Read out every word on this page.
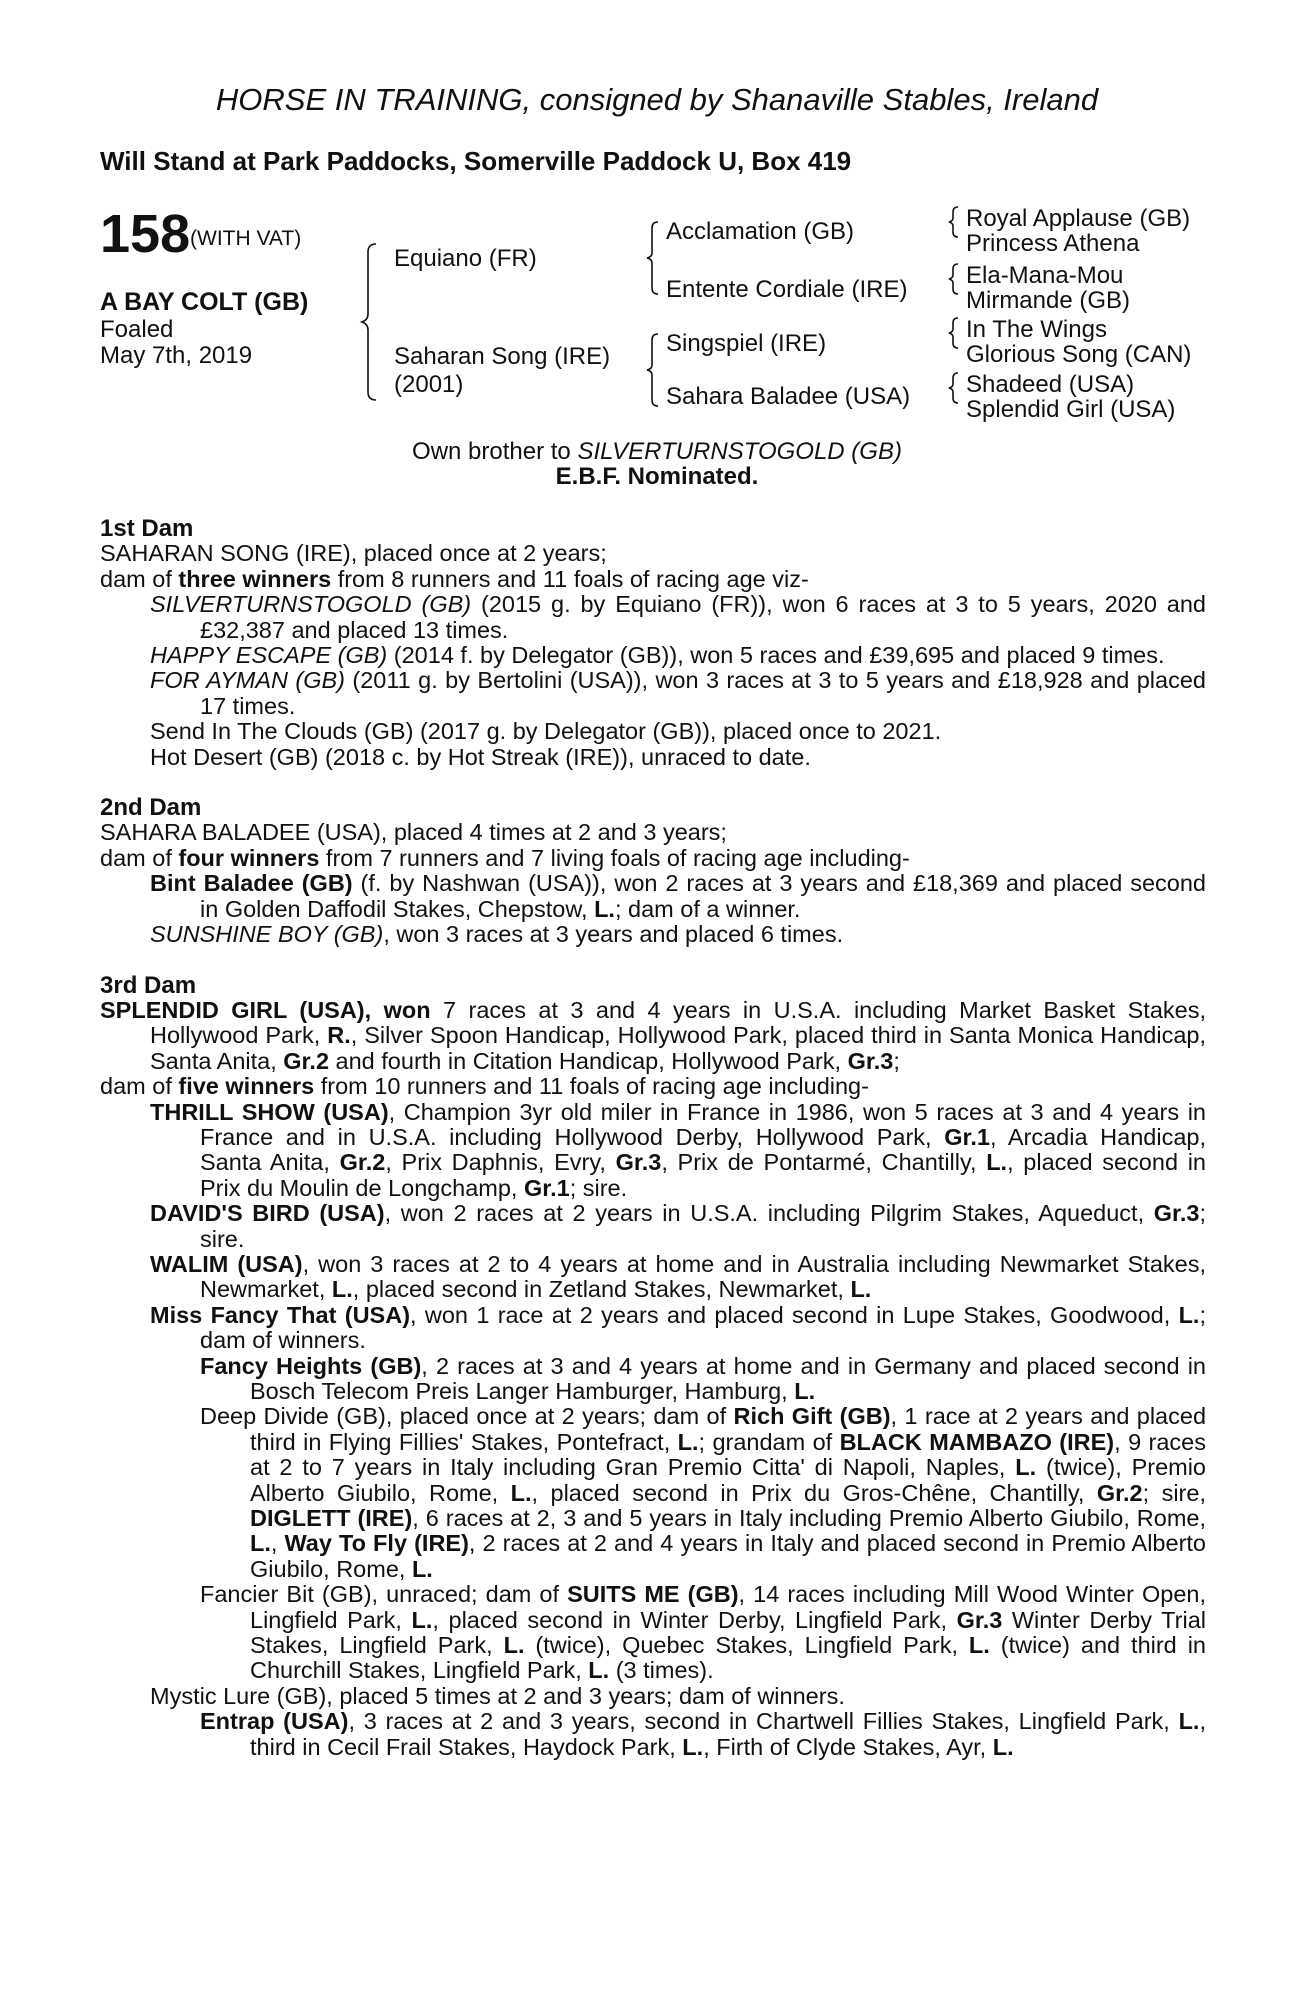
HORSE IN TRAINING, consigned by Shanaville Stables, Ireland
Will Stand at Park Paddocks, Somerville Paddock U, Box 419
158 (WITH VAT)
A BAY COLT (GB)
Foaled
May 7th, 2019
Equiano (FR)
Saharan Song (IRE)
(2001)
Acclamation (GB)
Entente Cordiale (IRE)
Singspiel (IRE)
Sahara Baladee (USA)
Royal Applause (GB)
Princess Athena
Ela-Mana-Mou
Mirmande (GB)
In The Wings
Glorious Song (CAN)
Shadeed (USA)
Splendid Girl (USA)
Own brother to SILVERTURNSTOGOLD (GB)
E.B.F. Nominated.
1st Dam

SAHARAN SONG (IRE), placed once at 2 years;

dam of three winners from 8 runners and 11 foals of racing age viz-

SILVERTURNSTOGOLD (GB) (2015 g. by Equiano (FR)), won 6 races at 3 to 5 years, 2020 and £32,387 and placed 13 times.

HAPPY ESCAPE (GB) (2014 f. by Delegator (GB)), won 5 races and £39,695 and placed 9 times.

FOR AYMAN (GB) (2011 g. by Bertolini (USA)), won 3 races at 3 to 5 years and £18,928 and placed 17 times.

Send In The Clouds (GB) (2017 g. by Delegator (GB)), placed once to 2021.

Hot Desert (GB) (2018 c. by Hot Streak (IRE)), unraced to date.

2nd Dam

SAHARA BALADEE (USA), placed 4 times at 2 and 3 years;

dam of four winners from 7 runners and 7 living foals of racing age including-

Bint Baladee (GB) (f. by Nashwan (USA)), won 2 races at 3 years and £18,369 and placed second in Golden Daffodil Stakes, Chepstow, L.; dam of a winner.

SUNSHINE BOY (GB), won 3 races at 3 years and placed 6 times.

3rd Dam

SPLENDID GIRL (USA), won 7 races at 3 and 4 years in U.S.A. including Market Basket Stakes, Hollywood Park, R., Silver Spoon Handicap, Hollywood Park, placed third in Santa Monica Handicap, Santa Anita, Gr.2 and fourth in Citation Handicap, Hollywood Park, Gr.3;

dam of five winners from 10 runners and 11 foals of racing age including-

THRILL SHOW (USA), Champion 3yr old miler in France in 1986, won 5 races at 3 and 4 years in France and in U.S.A. including Hollywood Derby, Hollywood Park, Gr.1, Arcadia Handicap, Santa Anita, Gr.2, Prix Daphnis, Evry, Gr.3, Prix de Pontarmé, Chantilly, L., placed second in Prix du Moulin de Longchamp, Gr.1; sire.

DAVID'S BIRD (USA), won 2 races at 2 years in U.S.A. including Pilgrim Stakes, Aqueduct, Gr.3; sire.

WALIM (USA), won 3 races at 2 to 4 years at home and in Australia including Newmarket Stakes, Newmarket, L., placed second in Zetland Stakes, Newmarket, L.

Miss Fancy That (USA), won 1 race at 2 years and placed second in Lupe Stakes, Goodwood, L.; dam of winners.

Fancy Heights (GB), 2 races at 3 and 4 years at home and in Germany and placed second in Bosch Telecom Preis Langer Hamburger, Hamburg, L.

Deep Divide (GB), placed once at 2 years; dam of Rich Gift (GB), 1 race at 2 years and placed third in Flying Fillies' Stakes, Pontefract, L.; grandam of BLACK MAMBAZO (IRE), 9 races at 2 to 7 years in Italy including Gran Premio Citta' di Napoli, Naples, L. (twice), Premio Alberto Giubilo, Rome, L., placed second in Prix du Gros-Chêne, Chantilly, Gr.2; sire, DIGLETT (IRE), 6 races at 2, 3 and 5 years in Italy including Premio Alberto Giubilo, Rome, L., Way To Fly (IRE), 2 races at 2 and 4 years in Italy and placed second in Premio Alberto Giubilo, Rome, L.

Fancier Bit (GB), unraced; dam of SUITS ME (GB), 14 races including Mill Wood Winter Open, Lingfield Park, L., placed second in Winter Derby, Lingfield Park, Gr.3 Winter Derby Trial Stakes, Lingfield Park, L. (twice), Quebec Stakes, Lingfield Park, L. (twice) and third in Churchill Stakes, Lingfield Park, L. (3 times).

Mystic Lure (GB), placed 5 times at 2 and 3 years; dam of winners.

Entrap (USA), 3 races at 2 and 3 years, second in Chartwell Fillies Stakes, Lingfield Park, L., third in Cecil Frail Stakes, Haydock Park, L., Firth of Clyde Stakes, Ayr, L.
